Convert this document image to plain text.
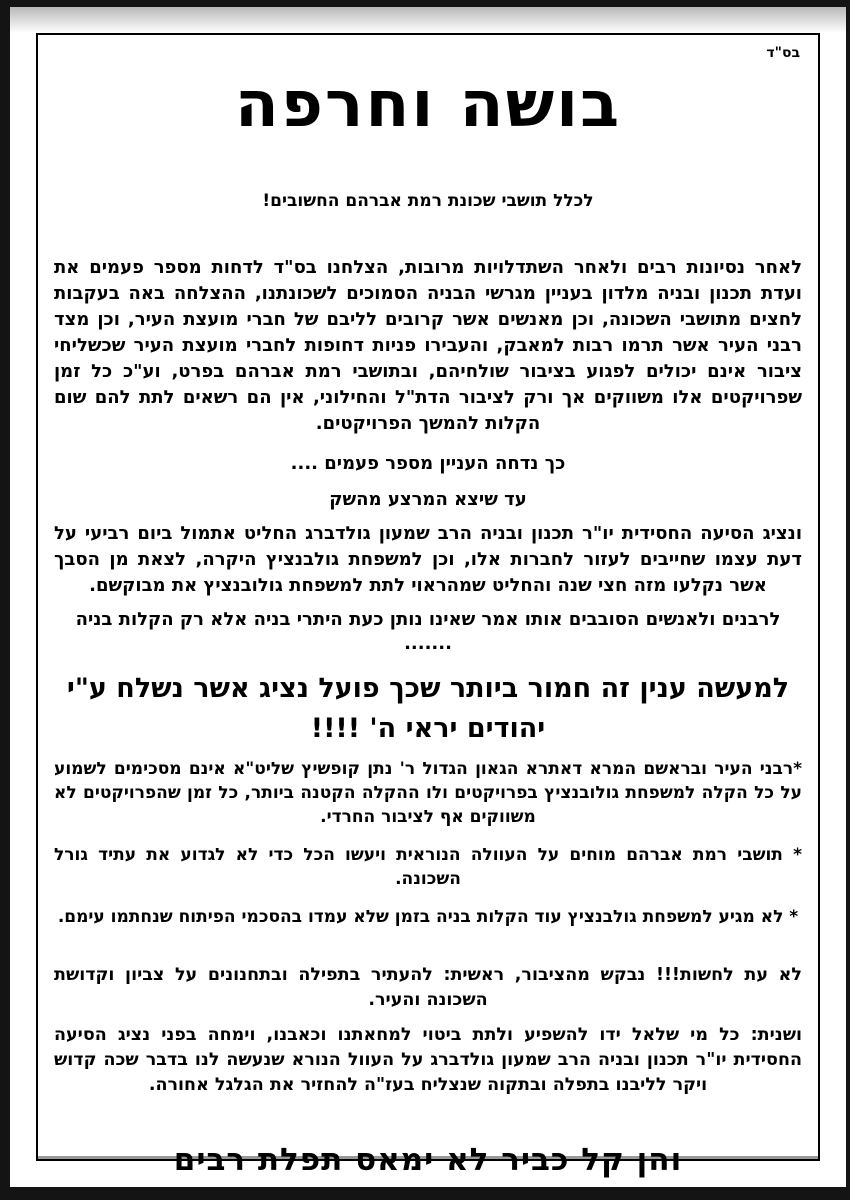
בס"ד
בושה וחרפה

לכלל תושבי שכונת רמת אברהם החשובים!

לאחר נסיונות רבים ולאחר השתדלויות מרובות, הצלחנו בס"ד לדחות מספר פעמים את ועדת תכנון ובניה מלדון בעניין מגרשי הבניה הסמוכים לשכונתנו, ההצלחה באה בעקבות לחצים מתושבי השכונה, וכן מאנשים אשר קרובים לליבם של חברי מועצת העיר, וכן מצד רבני העיר אשר תרמו רבות למאבק, והעבירו פניות דחופות לחברי מועצת העיר שכשליחי ציבור אינם יכולים לפגוע בציבור שולחיהם, ובתושבי רמת אברהם בפרט, וע"כ כל זמן שפרויקטים אלו משווקים אך ורק לציבור הדת"ל והחילוני, אין הם רשאים לתת להם שום הקלות להמשך הפרויקטים.

כך נדחה העניין מספר פעמים ....

עד שיצא המרצע מהשק

ונציג הסיעה החסידית יו"ר תכנון ובניה הרב שמעון גולדברג החליט אתמול ביום רביעי על דעת עצמו שחייבים לעזור לחברות אלו, וכן למשפחת גולבנציץ היקרה, לצאת מן הסבך אשר נקלעו מזה חצי שנה והחליט שמהראוי לתת למשפחת גולובנציץ את מבוקשם.

לרבנים ולאנשים הסובבים אותו אמר שאינו נותן כעת היתרי בניה אלא רק הקלות בניה .......

למעשה ענין זה חמור ביותר שכך פועל נציג אשר נשלח ע"י
יהודים יראי ה' !!!!

*רבני העיר ובראשם המרא דאתרא הגאון הגדול ר' נתן קופשיץ שליט"א אינם מסכימים לשמוע על כל הקלה למשפחת גולובנציץ בפרויקטים ולו ההקלה הקטנה ביותר, כל זמן שהפרויקטים לא משווקים אף לציבור החרדי.

* תושבי רמת אברהם מוחים על העוולה הנוראית ויעשו הכל כדי לא לגדוע את עתיד גורל השכונה.

* לא מגיע למשפחת גולבנציץ עוד הקלות בניה בזמן שלא עמדו בהסכמי הפיתוח שנחתמו עימם.

לא עת לחשות!!! נבקש מהציבור, ראשית: להעתיר בתפילה ובתחנונים על צביון וקדושת השכונה והעיר.

ושנית: כל מי שלאל ידו להשפיע ולתת ביטוי למחאתנו וכאבנו, וימחה בפני נציג הסיעה החסידית יו"ר תכנון ובניה הרב שמעון גולדברג על העוול הנורא שנעשה לנו בדבר שכה קדוש ויקר לליבנו בתפלה ובתקוה שנצליח בעז"ה להחזיר את הגלגל אחורה.

והן קל כביר לא ימאס תפלת רבים
